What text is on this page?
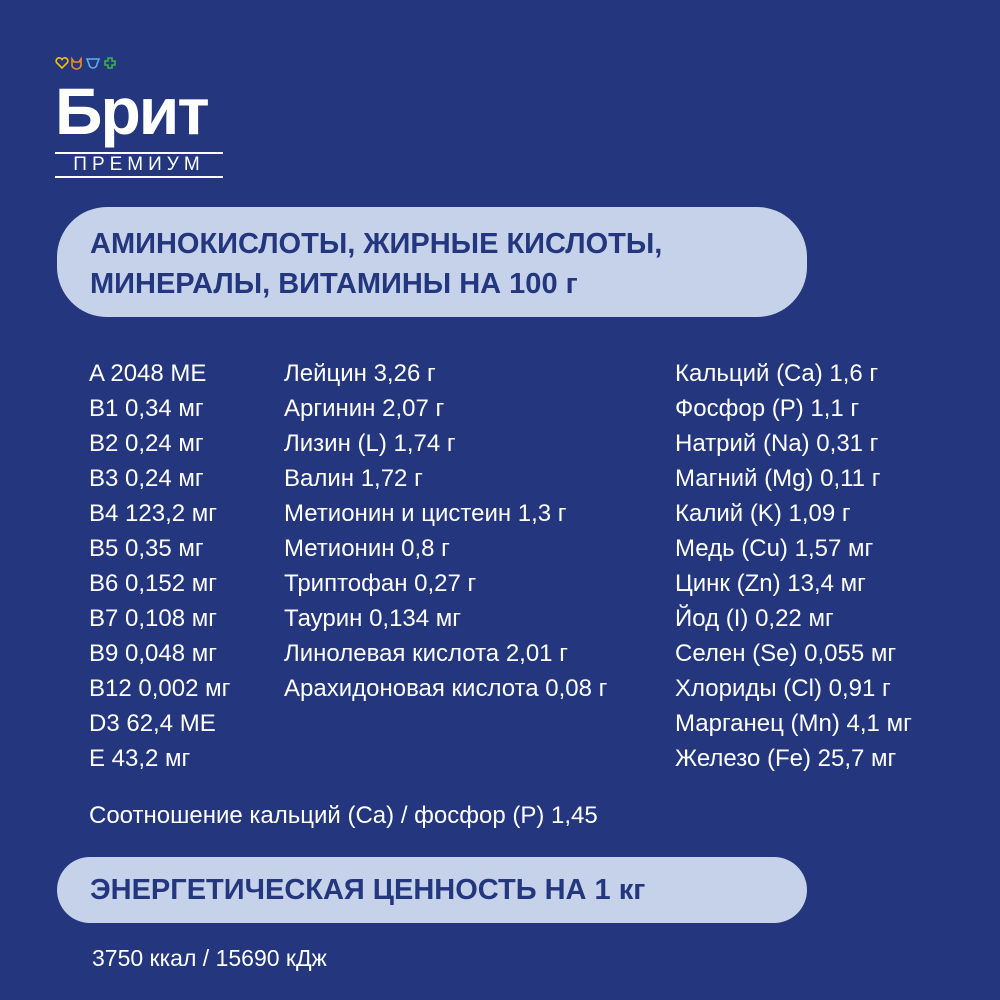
Брит
ПРЕМИУМ
АМИНОКИСЛОТЫ, ЖИРНЫЕ КИСЛОТЫ,
МИНЕРАЛЫ, ВИТАМИНЫ НА 100 г
A 2048 ME
B1 0,34 мг
B2 0,24 мг
B3 0,24 мг
B4 123,2 мг
B5 0,35 мг
B6 0,152 мг
B7 0,108 мг
B9 0,048 мг
B12 0,002 мг
D3 62,4 ME
E 43,2 мг
Лейцин 3,26 г
Аргинин 2,07 г
Лизин (L) 1,74 г
Валин 1,72 г
Метионин и цистеин 1,3 г
Метионин 0,8 г
Триптофан 0,27 г
Таурин 0,134 мг
Линолевая кислота 2,01 г
Арахидоновая кислота 0,08 г
Кальций (Ca) 1,6 г
Фосфор (P) 1,1 г
Натрий (Na) 0,31 г
Магний (Mg) 0,11 г
Калий (K) 1,09 г
Медь (Cu) 1,57 мг
Цинк (Zn) 13,4 мг
Йод (I) 0,22 мг
Селен (Se) 0,055 мг
Хлориды (Cl) 0,91 г
Марганец (Mn) 4,1 мг
Железо (Fe) 25,7 мг
Соотношение кальций (Ca) / фосфор (P) 1,45
ЭНЕРГЕТИЧЕСКАЯ ЦЕННОСТЬ НА 1 кг
3750 ккал / 15690 кДж
